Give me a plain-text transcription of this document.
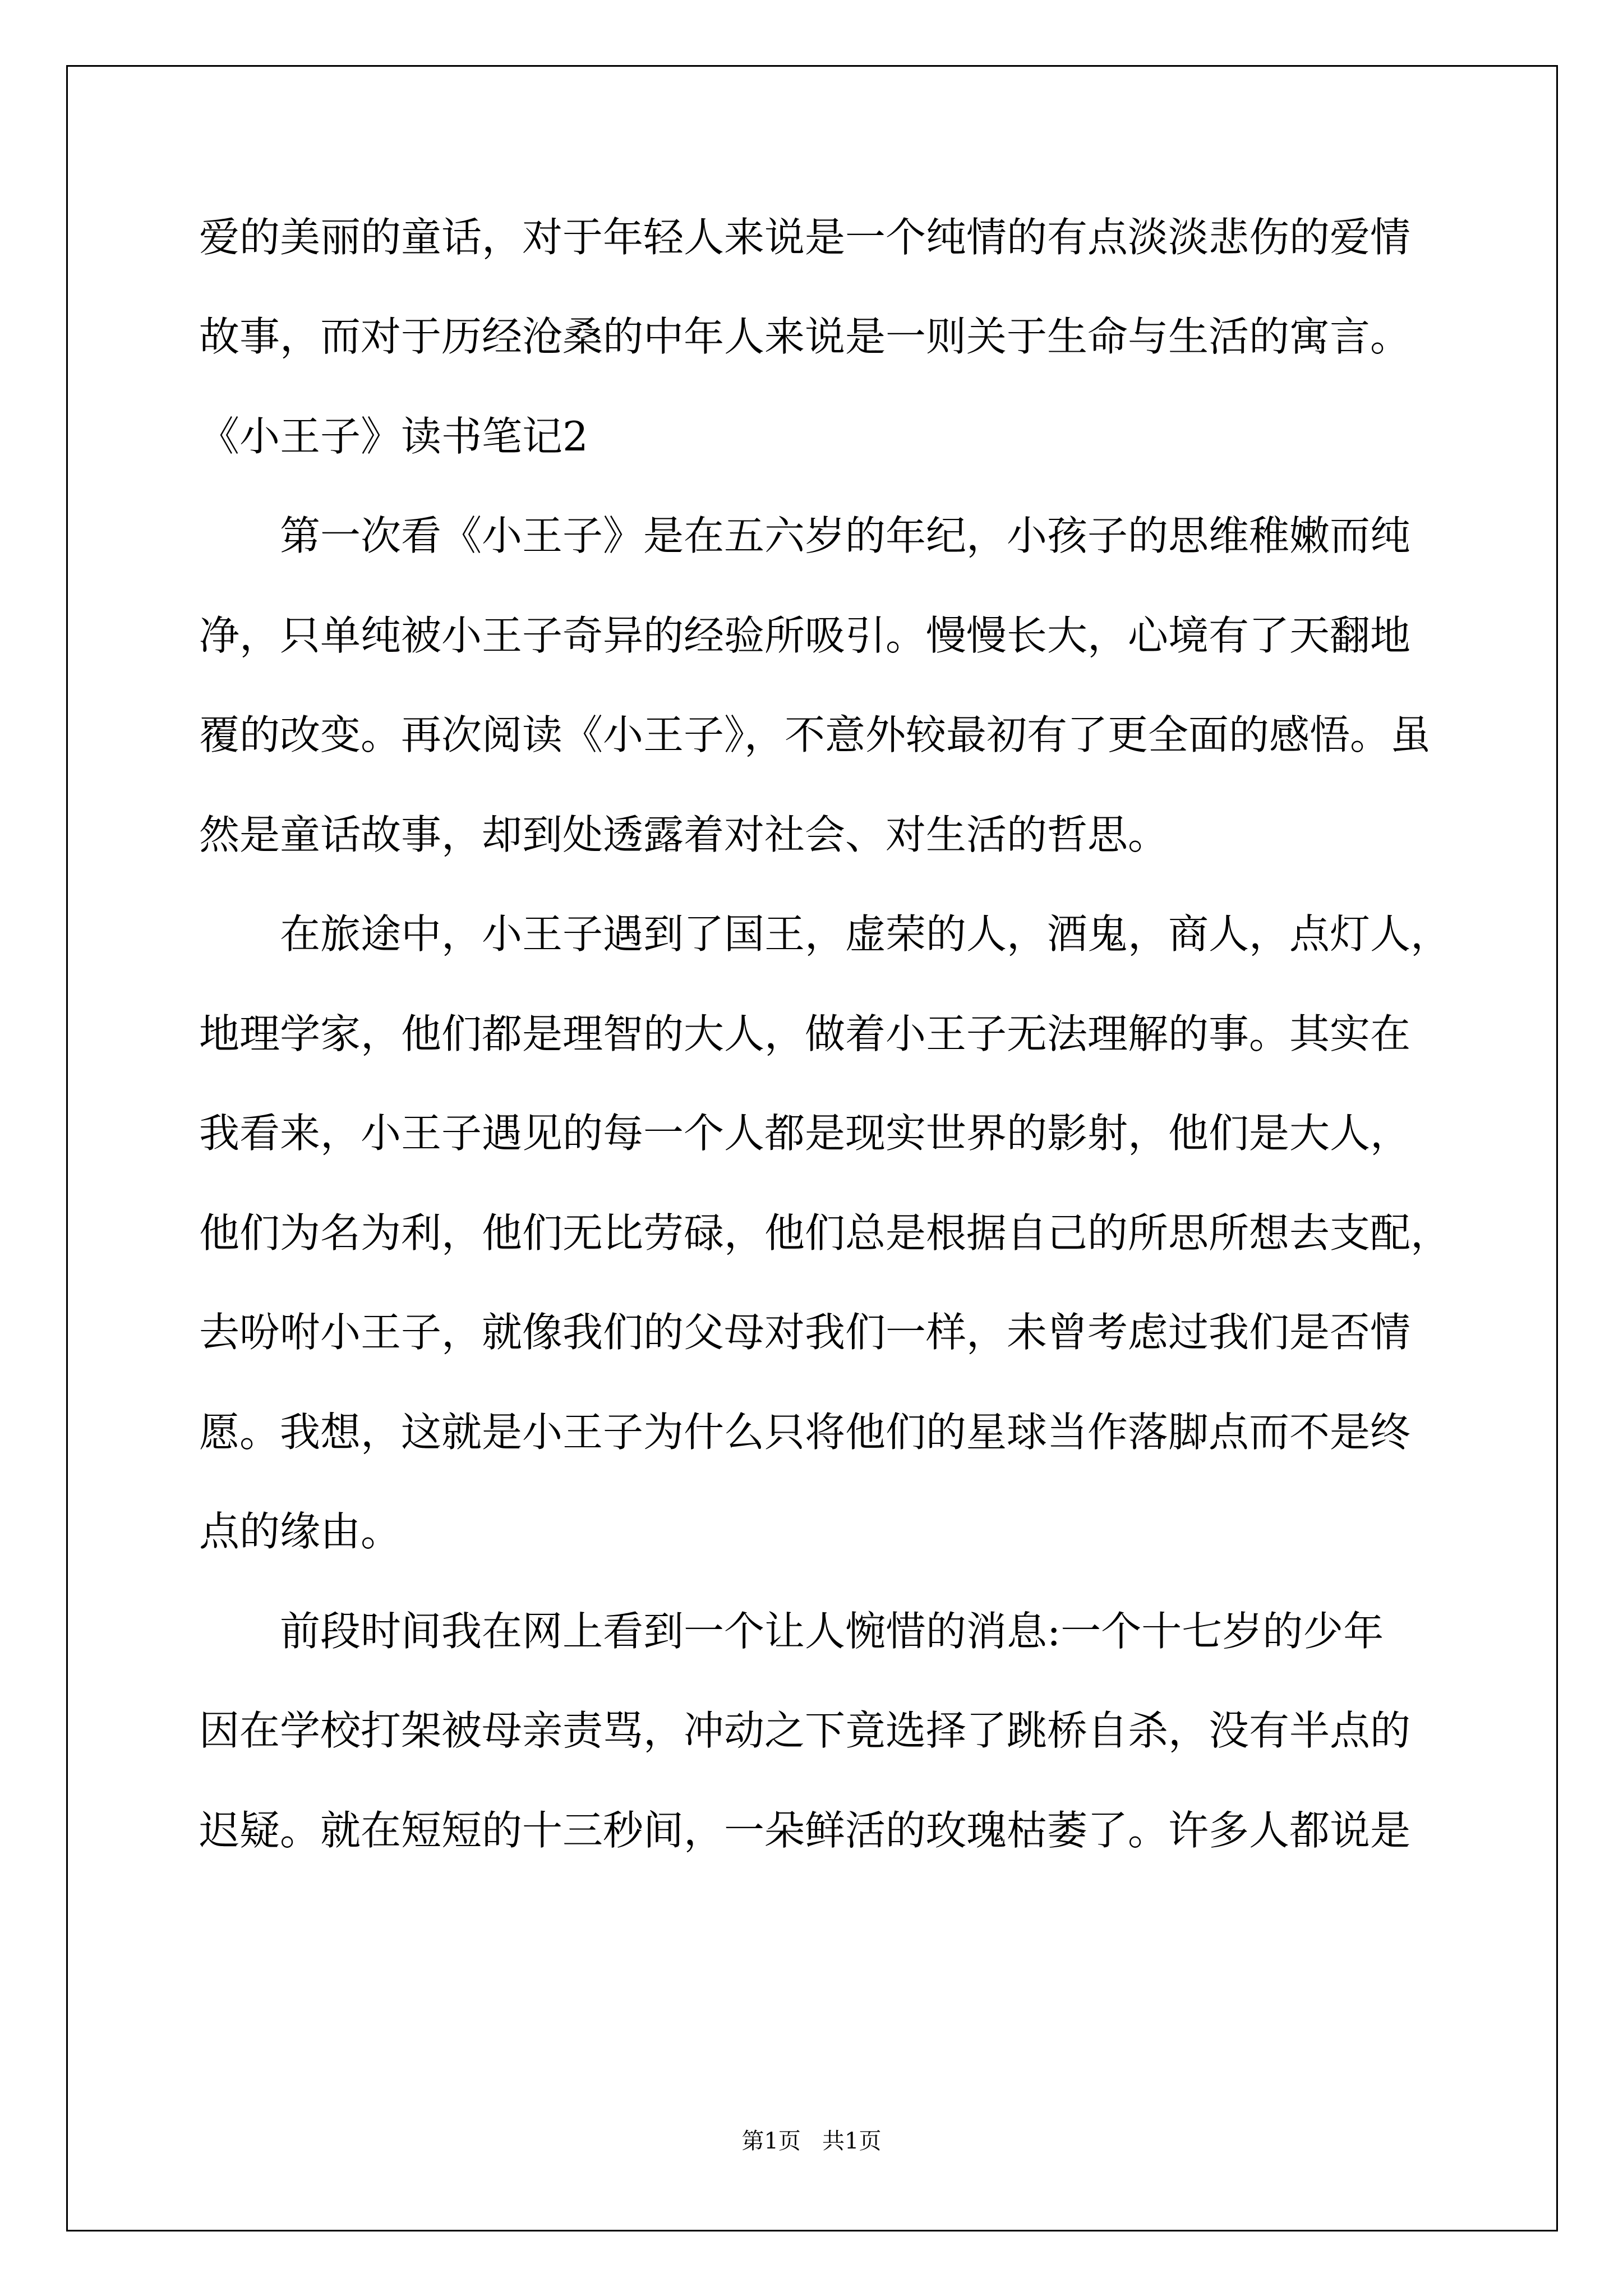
爱的美丽的童话，对于年轻人来说是一个纯情的有点淡淡悲伤的爱情
故事，而对于历经沧桑的中年人来说是一则关于生命与生活的寓言。
《小王子》读书笔记2
第一次看《小王子》是在五六岁的年纪，小孩子的思维稚嫩而纯
净，只单纯被小王子奇异的经验所吸引。慢慢长大，心境有了天翻地
覆的改变。再次阅读《小王子》，不意外较最初有了更全面的感悟。虽
然是童话故事，却到处透露着对社会、对生活的哲思。
在旅途中，小王子遇到了国王，虚荣的人，酒鬼，商人，点灯人，
地理学家，他们都是理智的大人，做着小王子无法理解的事。其实在
我看来，小王子遇见的每一个人都是现实世界的影射，他们是大人，
他们为名为利，他们无比劳碌，他们总是根据自己的所思所想去支配，
去吩咐小王子，就像我们的父母对我们一样，未曾考虑过我们是否情
愿。我想，这就是小王子为什么只将他们的星球当作落脚点而不是终
点的缘由。
前段时间我在网上看到一个让人惋惜的消息:一个十七岁的少年
因在学校打架被母亲责骂，冲动之下竟选择了跳桥自杀，没有半点的
迟疑。就在短短的十三秒间，一朵鲜活的玫瑰枯萎了。许多人都说是
第1页   共1页
